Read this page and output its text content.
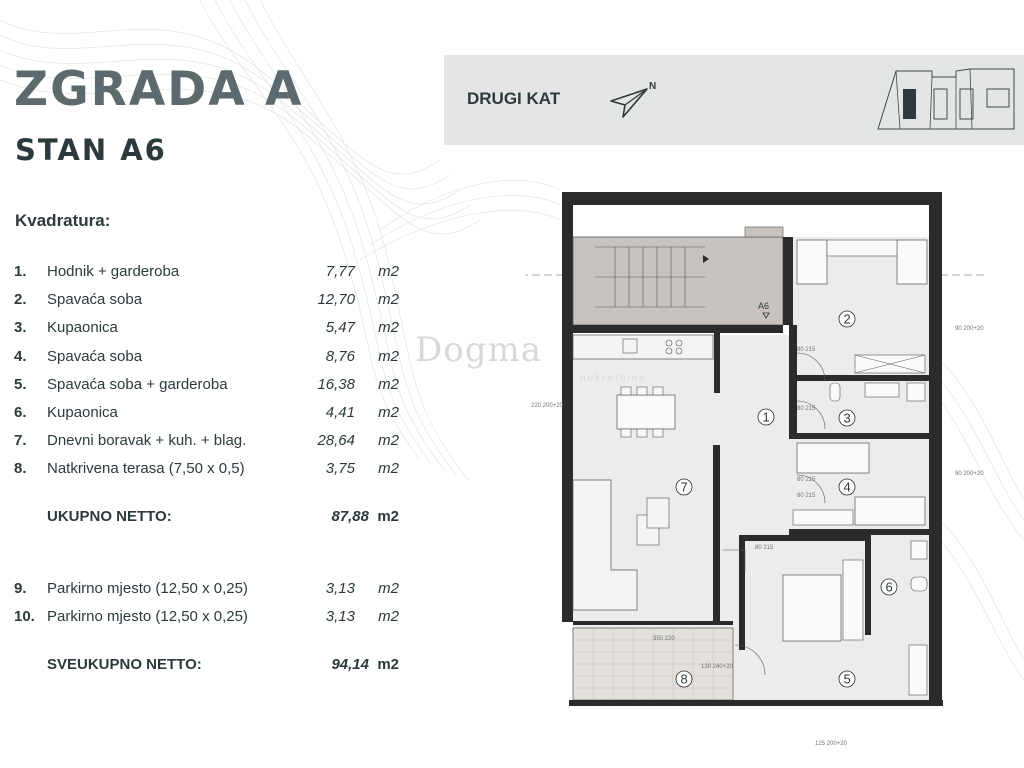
ZGRADA A
STAN A6
Kvadratura:
1. Hodnik + garderoba	7,77 m2
2. Spavaća soba	12,70 m2
3. Kupaonica	5,47 m2
4. Spavaća soba	8,76 m2
5. Spavaća soba + garderoba	16,38 m2
6. Kupaonica	4,41 m2
7. Dnevni boravak + kuh. + blag.	28,64 m2
8. Natkrivena terasa (7,50 x 0,5)	3,75 m2
UKUPNO NETTO:	87,88 m2
9. Parkirno mjesto (12,50 x 0,25)	3,13 m2
10. Parkirno mjesto (12,50 x 0,25)	3,13 m2
SVEUKUPNO NETTO:	94,14 m2
DRUGI KAT
N
A6
1
2
3
4
5
6
7
8
80 215
80 215
80 215
80 215
80 215
220 200+20
90 200+20
90 200+20
130 240+20
350 220
125 200+20
Dogma
nekretnine
